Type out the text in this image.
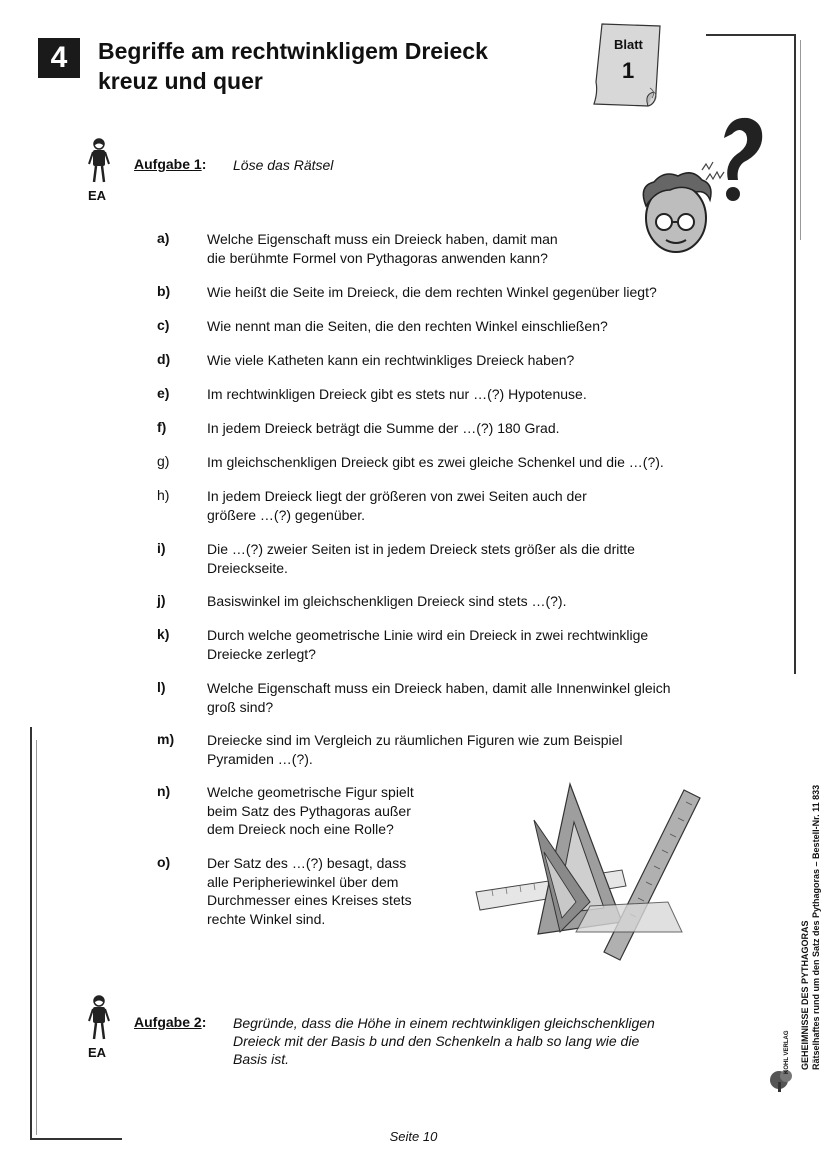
4	Begriffe am rechtwinkligem Dreieck
kreuz und quer
Blatt
1
EA
Aufgabe 1: Löse das Rätsel
a)	Welche Eigenschaft muss ein Dreieck haben, damit man
die berühmte Formel von Pythagoras anwenden kann?
b)	Wie heißt die Seite im Dreieck, die dem rechten Winkel gegenüber liegt?
c)	Wie nennt man die Seiten, die den rechten Winkel einschließen?
d)	Wie viele Katheten kann ein rechtwinkliges Dreieck haben?
e)	Im rechtwinkligen Dreieck gibt es stets nur …(?) Hypotenuse.
f)	In jedem Dreieck beträgt die Summe der …(?) 180 Grad.
g)	Im gleichschenkligen Dreieck gibt es zwei gleiche Schenkel und die …(?).
h)	In jedem Dreieck liegt der größeren von zwei Seiten auch der
größere …(?) gegenüber.
i)	Die …(?) zweier Seiten ist in jedem Dreieck stets größer als die dritte
Dreieckseite.
j)	Basiswinkel im gleichschenkligen Dreieck sind stets …(?).
k)	Durch welche geometrische Linie wird ein Dreieck in zwei rechtwinklige
Dreiecke zerlegt?
l)	Welche Eigenschaft muss ein Dreieck haben, damit alle Innenwinkel gleich
groß sind?
m) Dreiecke sind im Vergleich zu räumlichen Figuren wie zum Beispiel
Pyramiden …(?).
n)	Welche geometrische Figur spielt
beim Satz des Pythagoras außer
dem Dreieck noch eine Rolle?
o)	Der Satz des …(?) besagt, dass
alle Peripheriewinkel über dem
Durchmesser eines Kreises stets
rechte Winkel sind.
EA
Aufgabe 2: Begründe, dass die Höhe in einem rechtwinkligen gleichschenkligen
Dreieck mit der Basis b und den Schenkeln a halb so lang wie die
Basis ist.
Seite 10
GEHEIMNISSE DES PYTHAGORAS Rätselhaftes rund um den Satz des Pythagoras – Bestell-Nr. 11 833
KOHL VERLAG
